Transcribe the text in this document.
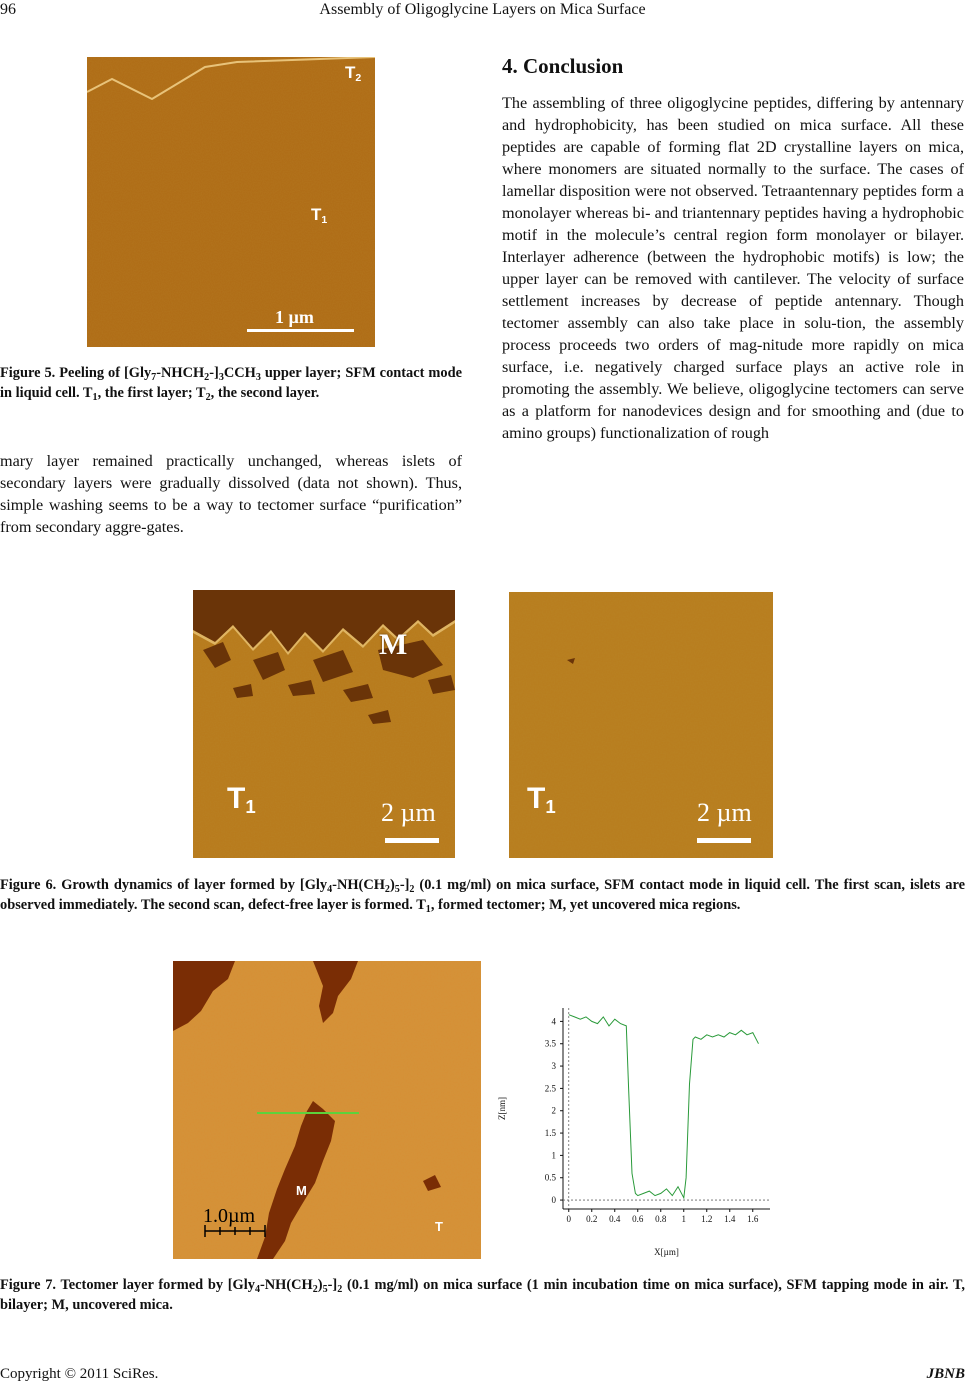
96	Assembly of Oligoglycine Layers on Mica Surface
T2
T1
1 µm
Figure 5. Peeling of $[Gly_7-NHCH_2-]_3CCH_3$ upper layer; SFM contact mode in liquid cell. $T_1$, the first layer; $T_2$, the second layer.
mary layer remained practically unchanged, whereas islets of secondary layers were gradually dissolved (data not shown). Thus, simple washing seems to be a way to tectomer surface “purification” from secondary aggre-gates.
4. Conclusion
The assembling of three oligoglycine peptides, differing by antennary and hydrophobicity, has been studied on mica surface. All these peptides are capable of forming flat 2D crystalline layers on mica, where monomers are situated normally to the surface. The cases of lamellar disposition were not observed. Tetraantennary peptides form a monolayer whereas bi- and triantennary peptides having a hydrophobic motif in the molecule’s central region form monolayer or bilayer. Interlayer adherence (between the hydrophobic motifs) is low; the upper layer can be removed with cantilever. The velocity of surface settlement increases by decrease of peptide antennary. Though tectomer assembly can also take place in solu-tion, the assembly process proceeds two orders of mag-nitude more rapidly on mica surface, i.e. negatively charged surface plays an active role in promoting the assembly. We believe, oligoglycine tectomers can serve as a platform for nanodevices design and for smoothing and (due to amino groups) functionalization of rough
M
T1	2 µm	T1	2 µm
Figure 6. Growth dynamics of layer formed by $[Gly_4-NH(CH_2)_5-]_2$ (0.1 mg/ml) on mica surface, SFM contact mode in liquid cell. The first scan, islets are observed immediately. The second scan, defect-free layer is formed. $T_1$, formed tectomer; M, yet uncovered mica regions.
M
T
1.0µm
0
0.5
1
1.5
2
2.5
3
3.5
4
0 0.2 0.4 0.6 0.8 1 1.2 1.4 1.6
X[µm]
Z[nm]
Figure 7. Tectomer layer formed by $[Gly_4-NH(CH_2)_5-]_2$ (0.1 mg/ml) on mica surface (1 min incubation time on mica surface), SFM tapping mode in air. T, bilayer; M, uncovered mica.
Copyright © 2011 SciRes.	JBNB
